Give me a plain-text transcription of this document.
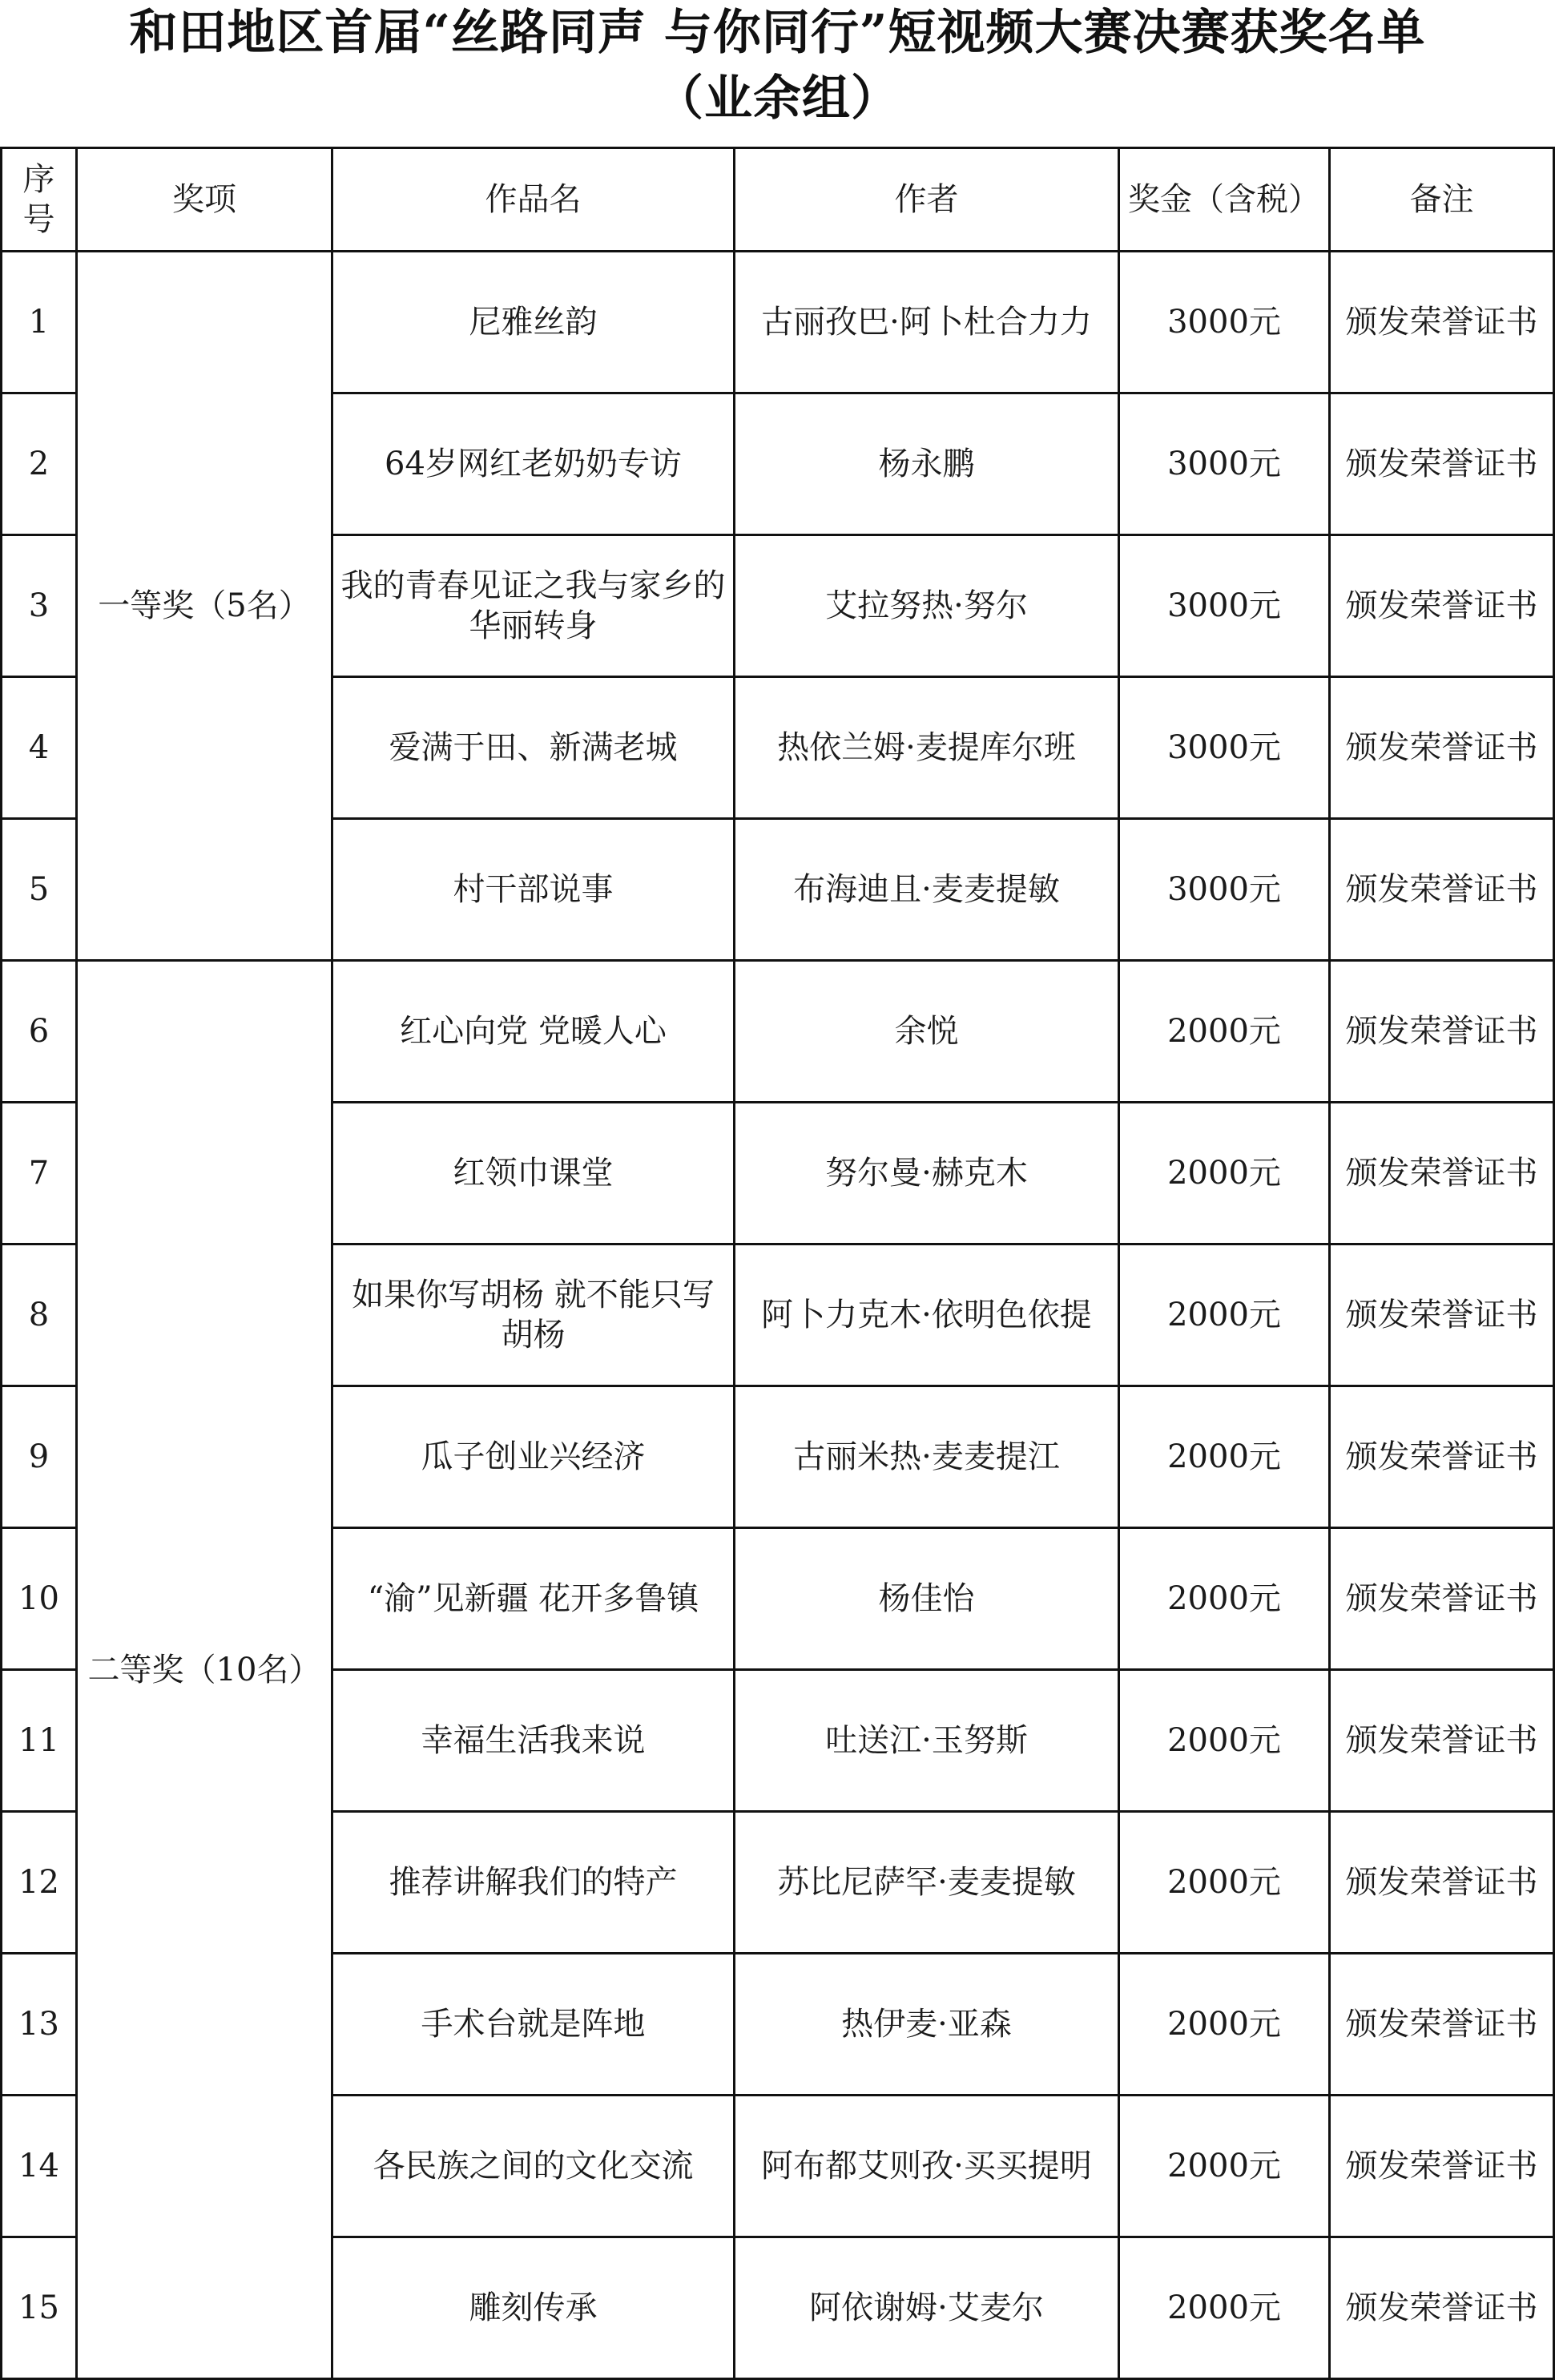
和田地区首届“丝路同声 与你同行”短视频大赛决赛获奖名单
（业余组）
序号	奖项	作品名	作者	奖金（含税）	备注
1	一等奖（5名）	尼雅丝韵	古丽孜巴·阿卜杜合力力	3000元	颁发荣誉证书
2		64岁网红老奶奶专访	杨永鹏	3000元	颁发荣誉证书
3		我的青春见证之我与家乡的华丽转身	艾拉努热·努尔	3000元	颁发荣誉证书
4		爱满于田、新满老城	热依兰姆·麦提库尔班	3000元	颁发荣誉证书
5		村干部说事	布海迪且·麦麦提敏	3000元	颁发荣誉证书
6	二等奖（10名）	红心向党 党暖人心	余悦	2000元	颁发荣誉证书
7		红领巾课堂	努尔曼·赫克木	2000元	颁发荣誉证书
8		如果你写胡杨 就不能只写胡杨	阿卜力克木·依明色依提	2000元	颁发荣誉证书
9		瓜子创业兴经济	古丽米热·麦麦提江	2000元	颁发荣誉证书
10		“渝”见新疆 花开多鲁镇	杨佳怡	2000元	颁发荣誉证书
11		幸福生活我来说	吐送江·玉努斯	2000元	颁发荣誉证书
12		推荐讲解我们的特产	苏比尼萨罕·麦麦提敏	2000元	颁发荣誉证书
13		手术台就是阵地	热伊麦·亚森	2000元	颁发荣誉证书
14		各民族之间的文化交流	阿布都艾则孜·买买提明	2000元	颁发荣誉证书
15		雕刻传承	阿依谢姆·艾麦尔	2000元	颁发荣誉证书
